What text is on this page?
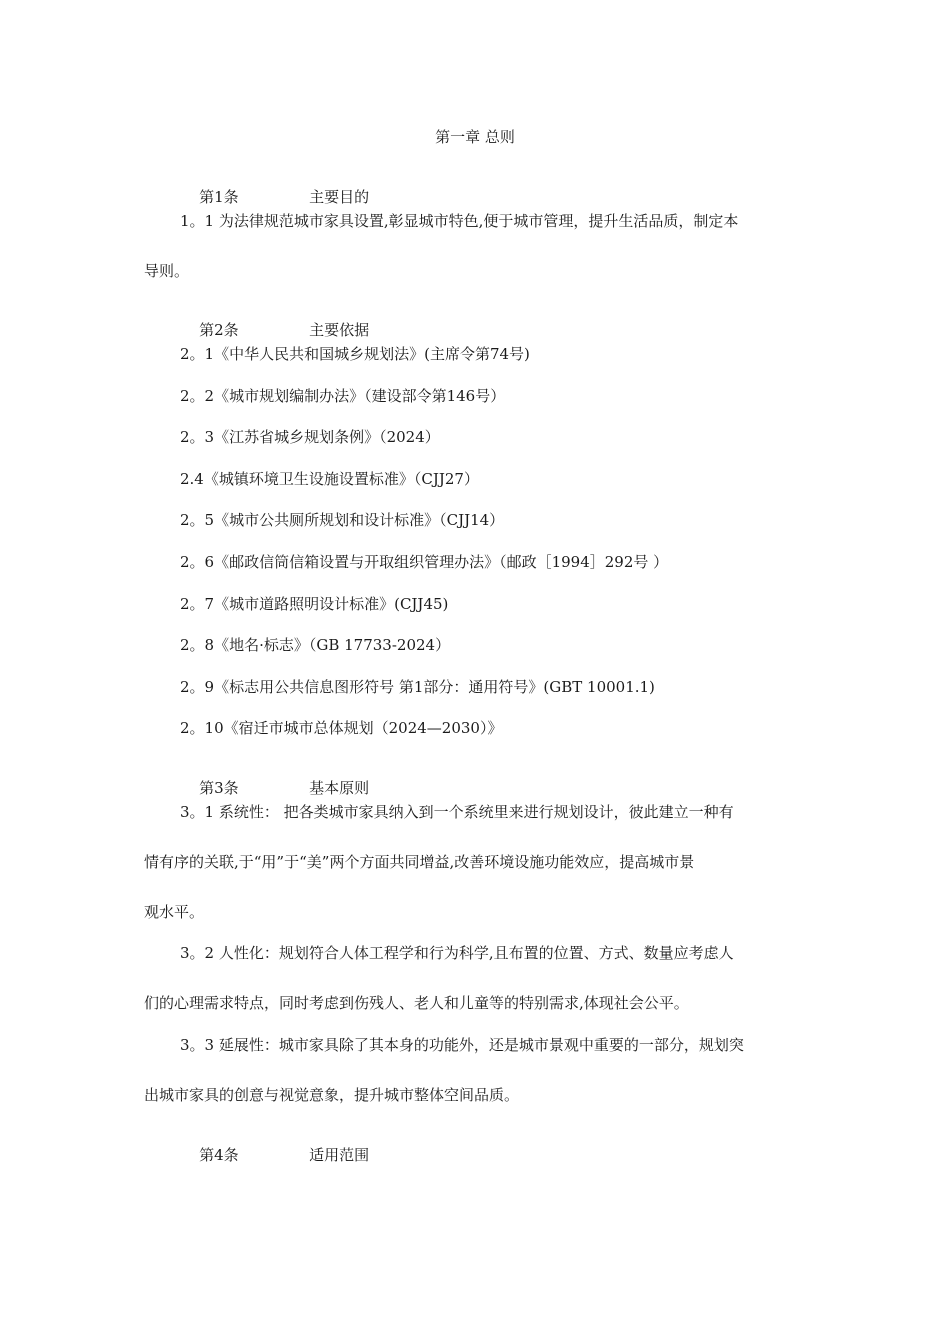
第一章 总则

第1条	主要目的

1。1 为法律规范城市家具设置,彰显城市特色,便于城市管理，提升生活品质，制定本
导则。

第2条	主要依据

2。1《中华人民共和国城乡规划法》(主席令第74号)
2。2《城市规划编制办法》（建设部令第146号）
2。3《江苏省城乡规划条例》（2024）
2.4《城镇环境卫生设施设置标准》（CJJ27）
2。5《城市公共厕所规划和设计标准》（CJJ14）
2。6《邮政信筒信箱设置与开取组织管理办法》（邮政［1994］292号 ）
2。7《城市道路照明设计标准》(CJJ45)
2。8《地名·标志》（GB 17733-2024）
2。9《标志用公共信息图形符号 第1部分：通用符号》(GBT 10001.1)
2。10《宿迁市城市总体规划（2024—2030）》

第3条	基本原则

3。1 系统性： 把各类城市家具纳入到一个系统里来进行规划设计，彼此建立一种有
情有序的关联,于“用”于“美”两个方面共同增益,改善环境设施功能效应，提高城市景
观水平。
3。2 人性化：规划符合人体工程学和行为科学,且布置的位置、方式、数量应考虑人
们的心理需求特点，同时考虑到伤残人、老人和儿童等的特别需求,体现社会公平。
3。3 延展性：城市家具除了其本身的功能外，还是城市景观中重要的一部分，规划突
出城市家具的创意与视觉意象，提升城市整体空间品质。

第4条	适用范围
